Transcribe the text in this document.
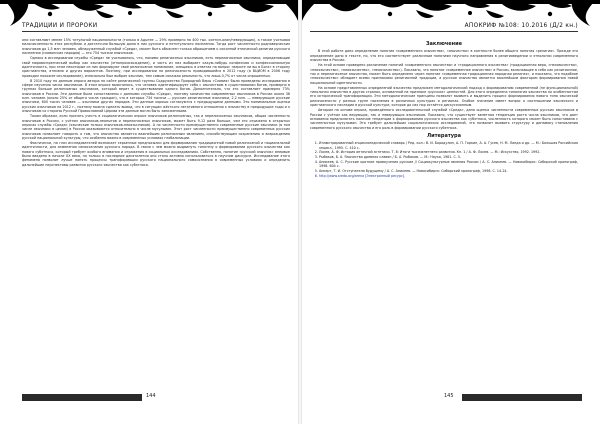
ТРАДИЦИИ И ПРОРОКИ

они составляют менее 15% титульной национальности (только в Адыгее — 29% примерно на 400 тыс. осетин-алан/неверующих), а также учитывая малочисленность этих республик и достаточно большую долю в них русского и нетитульного населения. Тогда рост численности родноверческих язычников до 1,5 млн человек, обнаруженный службой «Среда», может быть объяснен только обращением к исконной этнической религии русского населения (славянских народов) — это 754 тысячи язычников.

Однако в исследовании службы «Среда» не учитывалось, что, помимо религиозных язычников, есть нерелигиозные язычники, определяющие свой мировоззренческий выбор как язычество (этнопроисхождение), и часть из них выбирает какую-нибудь конфессию и конфессиональную идентичность, при этом некоторые из них формируют своё религиозное понимание, смещаясь в ответах на вопрос «верите ли вы в Бога» в сторону христианства, атеизма и других вариантов. Поэтому, при исследовании на религиозность проводившейся в 2012 году (а ВЦИОМ в 2006 году проводил похожее исследование), изначально был выбран язычник, тем самым искажая реальность, что лишь 0,7% от числа опрошенных.

В 2010 году по данным опроса автора на сайте религиозной группы Содружество Природной Веры «Славия» были проведены исследования в сфере изучения числа язычников. В этом опросе выяснилось, что человек идентифицирует себя с язычеством в существовании богов, примерно в группах больше религиозных язычников, который верит в существование одного богов. Дополнительно, что это составляет примерно 73% язычников в России. Эти данные были сопоставлены с данными службы «Среда», поэтому количество современных язычников в России около 36 млн. человек (около 25% от общего числа граждан), что в которых 734 тысячи — русские религиозные язычники, 2,2 млн. — неверующие русские язычники, 600 тысяч человек — язычники других народов. Эти данные хорошо согласуются с предыдущими данными. Это минимальные оценки русских язычников на 2012 г., поэтому можно сделать вывод, что в ситуации жёсткого негативного отношения к язычеству в предыдущие годы и к язычникам со стороны Русской Православной Церкви эти данные могли быть заниженными.

Таким образом, если принять учесть в социологическом опросе язычников религиозных, так и нерелигиозных язычников, общая численность язычников в России, с учётом язычников-неопытов и нерелигиозных язычников, может быть 9-12 раза больше, чем это отражено в открытых опросах службы «Среда» (языческие только язычников-неоязычников). А по численности преимущественно современные русские язычники (в том числе язычники в целом) в России оказываются относительно в числе мусульман. Этот рост численности преимущественно современных русских язычников позволяет говорить о том, что язычество является важнейшим религиозным явлением, способствующим сохранению и возрождению русской национальной культуры, что особенно важно в современных условиях глобализации.

Фактически, на глаз исследователей возникает серьезные предпосылки для формирования традиционной новой религиозной и национальной идентичности, для изменения самосознания русского народа. В связи с чем можно выдвинуть гипотезу о формировании русского язычества как нового субэтноса, который требует особого внимания и отражения в социальных исследованиях. Собственно, понятие «русский язычник» впервые было введено в начале XX века, но только в последние десятилетия оно стало активно использоваться в научном дискурсе. Исследование этого феномена позволит лучше понять процессы трансформации русского национального самосознания в современных условиях и определить дальнейшие перспективы развития русского язычества как субэтноса.

144
АПОКРИФ №108: 10.2016 (Д/2 кн.)
Заключение

В этой работе дано определение понятия «современного язычества», «язычество» в контексте более общего понятия «религия». Прежде это определение дано в тексте, но, что его соответствует различным понятиям научного направления в религиоведении и этнологии современного язычества в России.

На этой основе проведено различение понятий «современного язычества» и «традиционного язычества» (традиционная вера, «неоязычество», «неоязычество», «неоязычество», «неоязычество»). Показано, что понятие «современное язычество» в России, включающее в себя как религиозное, так и нерелигиозное язычество, может быть определено через понятие «современная традиционная народная религия», и показано, что подобное «неоязычество» обладает всеми признаками религиозной традиции, а русское язычество является важнейшим фактором формирования новой национальной идентичности.

На основе представленных определений язычество предложен методологический подход к формированию современной (не функциональной) типологии язычества в других странах, основанной на признаке «русских» ценностей. Для этого определена типология язычества по особенностям его исторической трансформации. Эти методологические принципы позволят выявить и выделить процесс формирования нового типа языческой религиозности у разных групп населения в различных культурах и регионах. Особое значение имеет вопрос о соотношении языческого и христианского наследия в русской культуре, которое до сих пор остаётся дискуссионным.

Автором на основе опроса, проведённого исследовательской службой «Среда», дана оценка численности современных русских язычников в России с учётом как верующих, так и неверующих язычников. Показано, что существует заметная тенденция роста числа язычников, что дает основания предполагать наличие тенденции к формированию русского язычества как субэтноса, численность которого может быть сопоставима с численностью мусульман. Это требует дальнейших социологических исследований, что позволит выявить структуру и динамику становления современного русского язычества и его роль в формировании русского субэтноса.

Литература
1. Иллюстрированный энциклопедический словарь / Ред. кол.: В. И. Бородулин, А. П. Горкин, А. А. Гусев, Н. М. Ланда и др. — М.: Большая Российская энцикл., 1995. С. 410 с.
2. Лосев, А. Ф. История античной эстетики. Т. 8: Итоги тысячелетнего развития. Кн. 1 / А. Ф. Лосев. — М.: Искусство, 1992. 1992.
3. Рыбаков, Б. А. Язычество древних славян / Б. А. Рыбаков. — М.: Наука, 1981. С. 5.
4. Аникеев, А. С. Русские кроткие нравоучения русские // Социокультурные явления России / А. С. Аникеев. — Новосибирск: Сибирский хронограф, 1998. 604 с.
5. Анкерт, Т. И. Отступатели будущему / А. С. Аникеев. — Новосибирск: Сибирский хронограф, 1998. С. 14-24.
6. http://www.sreda.org/arena [Электронный ресурс].
145
